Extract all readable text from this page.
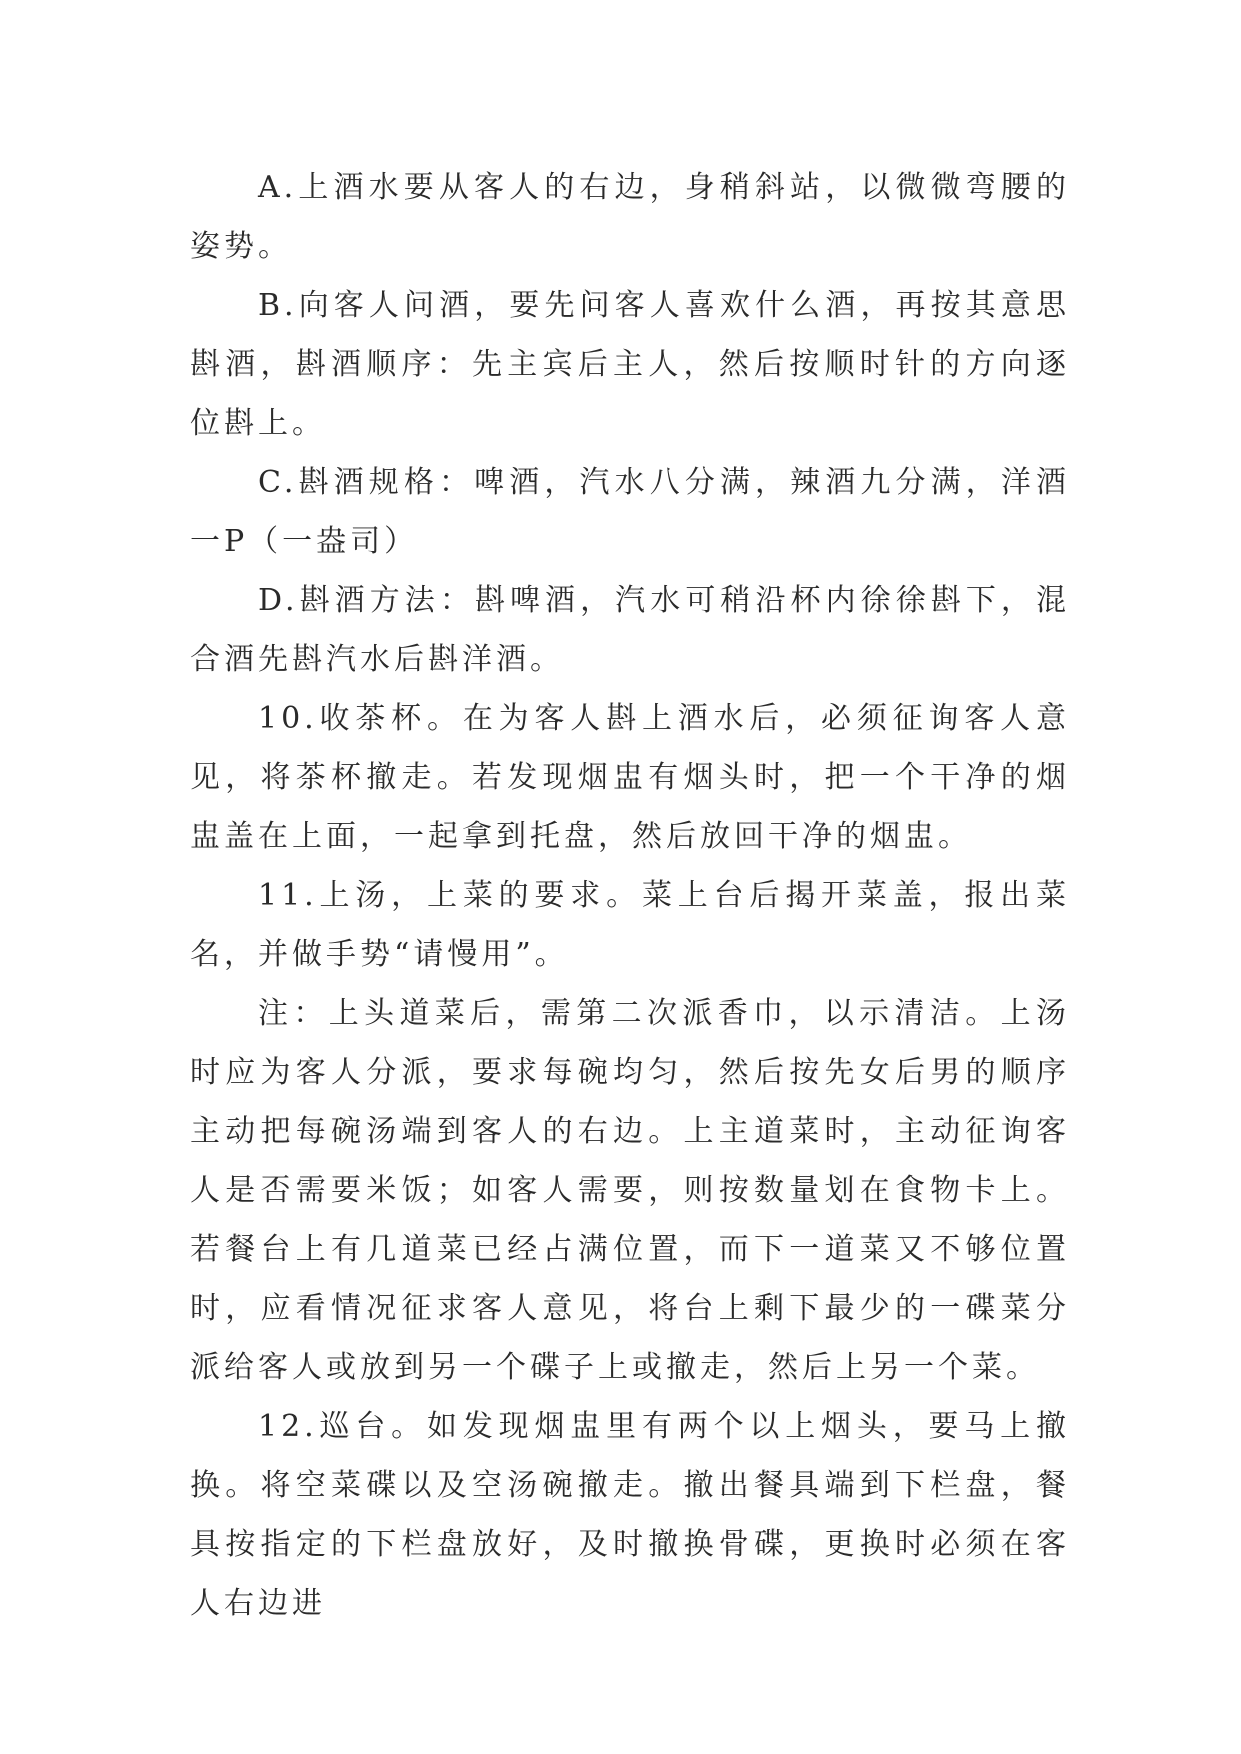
A.上酒水要从客人的右边，身稍斜站，以微微弯腰的姿势。

B.向客人问酒，要先问客人喜欢什么酒，再按其意思斟酒，斟酒顺序：先主宾后主人，然后按顺时针的方向逐位斟上。

C.斟酒规格：啤酒，汽水八分满，辣酒九分满，洋酒一P（一盎司）

D.斟酒方法：斟啤酒，汽水可稍沿杯内徐徐斟下，混合酒先斟汽水后斟洋酒。

10.收茶杯。在为客人斟上酒水后，必须征询客人意见，将茶杯撤走。若发现烟盅有烟头时，把一个干净的烟盅盖在上面，一起拿到托盘，然后放回干净的烟盅。

11.上汤，上菜的要求。菜上台后揭开菜盖，报出菜名，并做手势“请慢用”。

注：上头道菜后，需第二次派香巾，以示清洁。上汤时应为客人分派，要求每碗均匀，然后按先女后男的顺序主动把每碗汤端到客人的右边。上主道菜时，主动征询客人是否需要米饭；如客人需要，则按数量划在食物卡上。若餐台上有几道菜已经占满位置，而下一道菜又不够位置时，应看情况征求客人意见，将台上剩下最少的一碟菜分派给客人或放到另一个碟子上或撤走，然后上另一个菜。

12.巡台。如发现烟盅里有两个以上烟头，要马上撤换。将空菜碟以及空汤碗撤走。撤出餐具端到下栏盘，餐具按指定的下栏盘放好，及时撤换骨碟，更换时必须在客人右边进
